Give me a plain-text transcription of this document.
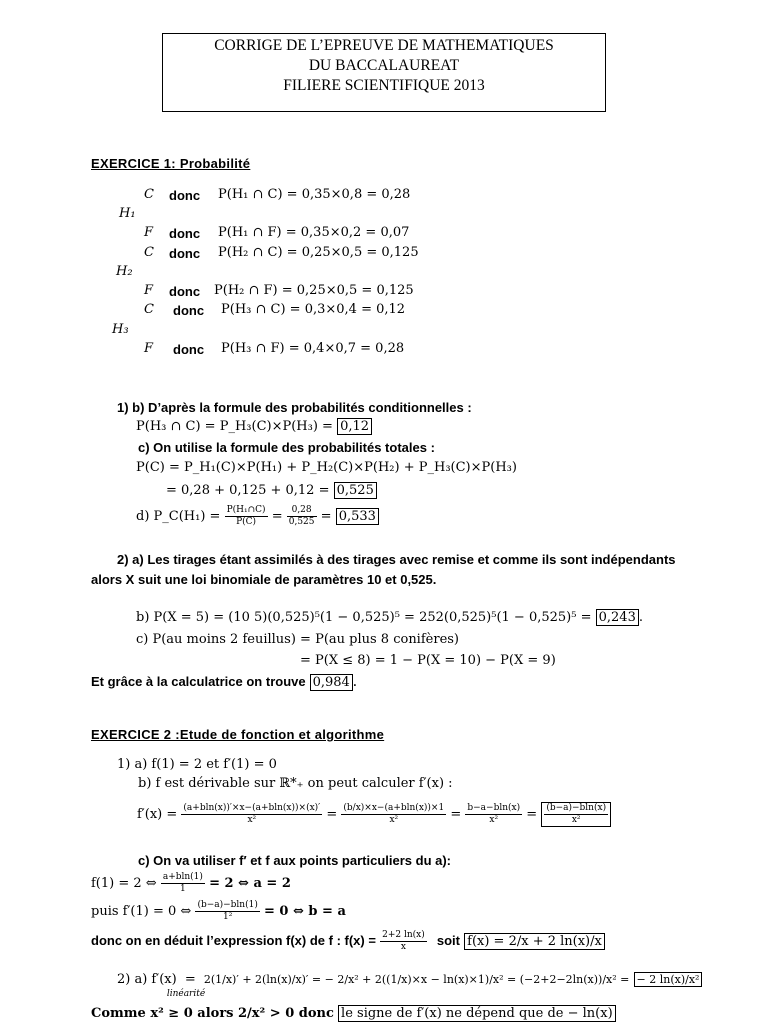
CORRIGE DE L’EPREUVE DE MATHEMATIQUES
DU BACCALAUREAT
FILIERE SCIENTIFIQUE 2013
EXERCICE 1: Probabilité
H₁
H₂
H₃
C donc P(H₁ ∩ C) = 0,35×0,8 = 0,28
F donc P(H₁ ∩ F) = 0,35×0,2 = 0,07
C donc P(H₂ ∩ C) = 0,25×0,5 = 0,125
F donc P(H₂ ∩ F) = 0,25×0,5 = 0,125
C donc P(H₃ ∩ C) = 0,3×0,4 = 0,12
F donc P(H₃ ∩ F) = 0,4×0,7 = 0,28
1) b) D’après la formule des probabilités conditionnelles :
P(H₃ ∩ C) = P_H₃(C)×P(H₃) = 0,12
c) On utilise la formule des probabilités totales :
P(C) = P_H₁(C)×P(H₁) + P_H₂(C)×P(H₂) + P_H₃(C)×P(H₃)
= 0,28 + 0,125 + 0,12 = 0,525
d) P_C(H₁) = $\frac{\text{P(H₁∩C)}}{P(C)} = \frac{0,28}{0,525} = 0,533$
2) a) Les tirages étant assimilés à des tirages avec remise et comme ils sont indépendants
alors X suit une loi binomiale de paramètres 10 et 0,525.
b) P(X = 5) = (10 5)(0,525)⁵(1 − 0,525)⁵ = 252(0,525)⁵(1 − 0,525)⁵ = 0,243 .
c) P(au moins 2 feuillus) = P(au plus 8 conifères)
= P(X ≤ 8) = 1 − P(X = 10) − P(X = 9)
Et grâce à la calculatrice on trouve 0,984 .
EXERCICE 2 :Etude de fonction et algorithme
1) a) f(1) = 2 et f′(1) = 0
b) f est dérivable sur ℝ*₊ on peut calculer f′(x) :
$f'(x) = \frac{(a+bln(x))'\times x-(a+bln(x))\times(x)'}{\text{x²}} = \frac{(b/x)\times x-(a+bln(x))\times 1}{\text{x²}} = \frac{b-a-bln(x)}{\text{x²}} = \frac{(b-a)-bln(x)}{\text{x²}}$
c) On va utiliser f′ et f aux points particuliers du a):
f(1) = 2 ⇔ $\frac{a+bln(1)}{1} = 2$ ⇔ a = 2
puis f′(1) = 0 ⇔ $\frac{(b-a)-bln(1)}{\text{1²}} = 0$ ⇔ b = a
donc on en déduit l’expression f(x) de f : $f(x) = \frac{2+2 \ln(x)}{x}$ soit f(x) = 2/x + 2 ln(x)/x
2) a) f′(x) =
linéarité
2(1/x)′ + 2(ln(x)/x)′ = − 2/x² + 2((1/x)×x − ln(x)×1)/x² = (−2+2−2ln(x))/x² = − 2 ln(x)/x²
Comme x² ≥ 0 alors 2/x² > 0 donc le signe de f′(x) ne dépend que de − ln(x)
